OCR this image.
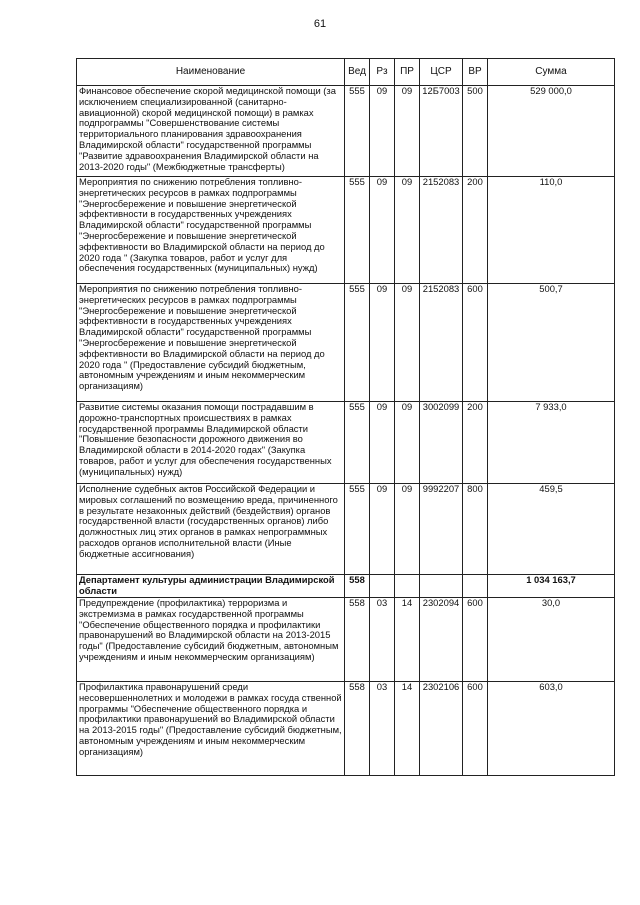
61
Наименование	Вед	Рз	ПР	ЦСР	ВР	Сумма
Финансовое обеспечение скорой медицинской помощи (за исключением специализированной (санитарно-авиационной) скорой медицинской помощи) в рамках подпрограммы "Совершенствование системы территориального планирования здравоохранения Владимирской области" государственной программы "Развитие здравоохранения Владимирской области на 2013-2020 годы" (Межбюджетные трансферты)	555	09	09	12Б7003	500	529 000,0
Мероприятия по снижению потребления топливно-энергетических ресурсов в рамках подпрограммы "Энергосбережение и повышение энергетической эффективности в государственных учреждениях Владимирской области" государственной программы "Энергосбережение и повышение энергетической эффективности во Владимирской области на период до 2020 года " (Закупка товаров, работ и услуг для обеспечения государственных (муниципальных) нужд)	555	09	09	2152083	200	110,0
Мероприятия по снижению потребления топливно-энергетических ресурсов в рамках подпрограммы "Энергосбережение и повышение энергетической эффективности в государственных учреждениях Владимирской области" государственной программы "Энергосбережение и повышение энергетической эффективности во Владимирской области на период до 2020 года " (Предоставление субсидий бюджетным, автономным учреждениям и иным некоммерческим организациям)	555	09	09	2152083	600	500,7
Развитие системы оказания помощи пострадавшим в дорожно-транспортных происшествиях в рамках государственной программы Владимирской области "Повышение безопасности дорожного движения во Владимирской области в 2014-2020 годах" (Закупка товаров, работ и услуг для обеспечения государственных (муниципальных) нужд)	555	09	09	3002099	200	7 933,0
Исполнение судебных актов Российской Федерации и мировых соглашений по возмещению вреда, причиненного в результате незаконных действий (бездействия) органов государственной власти (государственных органов) либо должностных лиц этих органов в рамках непрограммных расходов органов исполнительной власти (Иные бюджетные ассигнования)	555	09	09	9992207	800	459,5
Департамент культуры администрации Владимирской области	558					1 034 163,7
Предупреждение (профилактика) терроризма и экстремизма в рамках государственной программы "Обеспечение общественного порядка и профилактики правонарушений во Владимирской области на 2013-2015 годы" (Предоставление субсидий бюджетным, автономным учреждениям и иным некоммерческим организациям)	558	03	14	2302094	600	30,0
Профилактика правонарушений среди несовершеннолетних и молодежи в рамках госуда ственной программы "Обеспечение общественного порядка и профилактики правонарушений во Владимирской области на 2013-2015 годы" (Предоставление субсидий бюджетным, автономным учреждениям и иным некоммерческим организациям)	558	03	14	2302106	600	603,0
